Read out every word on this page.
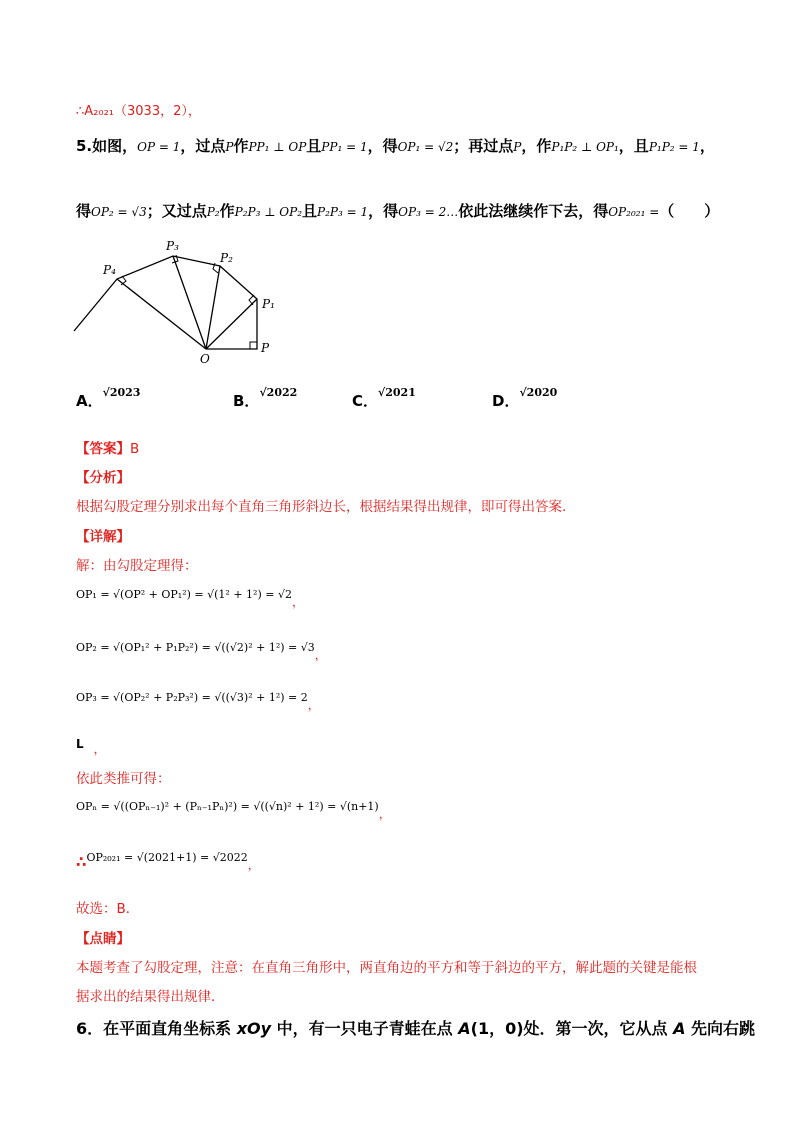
∴A₂₀₂₁（3033，2），
5.如图，OP = 1，过点P作PP₁ ⊥ OP且PP₁ = 1，得OP₁ = √2；再过点P，作P₁P₂ ⊥ OP₁，且P₁P₂ = 1，
得OP₂ = √3；又过点P₂作P₂P₃ ⊥ OP₂且P₂P₃ = 1，得OP₃ = 2…依此法继续作下去，得OP₂₀₂₁ =（　　）
P₄
P₃
P₂
P₁
O
P
A．$^{√2023}$	B．$^{√2022}$	C．$^{√2021}$	D．$^{√2020}$
【答案】B
【分析】
根据勾股定理分别求出每个直角三角形斜边长，根据结果得出规律，即可得出答案.
【详解】
解：由勾股定理得：
$OP_1 = √(OP^2 + OP_1^2) = √(1^2 + 1^2) = √2_,$
$OP_2 = √(OP_1^2 + P_1P_2^2) = √((√2)^2 + 1^2) = √3_,$
$OP_3 = √(OP_2^2 + P_2P_3^2) = √((√3)^2 + 1^2) = 2_,$
L $_,$
依此类推可得：
$OP_n = √((OP_{n-1})^2 + (P_{n-1}P_n)^2) = √((√n)^2 + 1^2) = √(n+1)_,$
∴OP₂₀₂₁ = $√(2021+1) = √2022_,$
故选：B．
【点睛】
本题考查了勾股定理，注意：在直角三角形中，两直角边的平方和等于斜边的平方，解此题的关键是能根
据求出的结果得出规律．
6．在平面直角坐标系 xOy 中，有一只电子青蛙在点 A(1，0)处．第一次，它从点 A 先向右跳
